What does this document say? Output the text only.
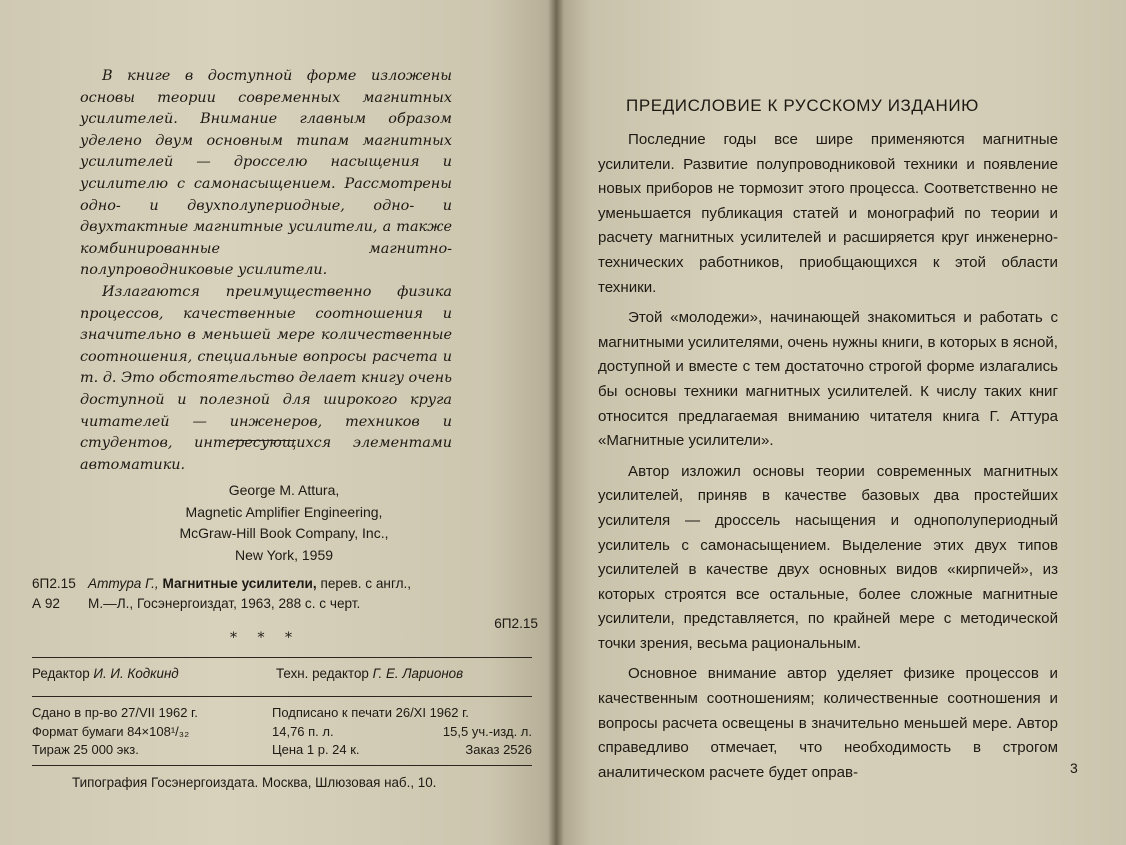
В книге в доступной форме изложены основы теории современных магнитных усилителей. Внимание главным образом уделено двум основным типам магнитных усилителей — дросселю насыщения и усилителю с самонасыщением. Рассмотрены одно- и двухполупериодные, одно- и двухтактные магнитные усилители, а также комбинированные магнитно-полупроводниковые усилители.

Излагаются преимущественно физика процессов, качественные соотношения и значительно в меньшей мере количественные соотношения, специальные вопросы расчета и т. д. Это обстоятельство делает книгу очень доступной и полезной для широкого круга читателей — инженеров, техников и студентов, интересующихся элементами автоматики.

George M. Attura,
Magnetic Amplifier Engineering,
McGraw-Hill Book Company, Inc.,
New York, 1959
6П2.15 Аттура Г., Магнитные усилители, перев. с англ.,
А 92 М.—Л., Госэнергоиздат, 1963, 288 с. с черт.
6П2.15
* * *
Редактор И. И. Кодкинд	Техн. редактор Г. Е. Ларионов
Сдано в пр-во 27/VII 1962 г.	Подписано к печати 26/XI 1962 г.
Формат бумаги 84×108¹/₃₂	14,76 п. л.	15,5 уч.-изд. л.
Тираж 25 000 экз.	Цена 1 р. 24 к.	Заказ 2526
Типография Госэнергоиздата. Москва, Шлюзовая наб., 10.
ПРЕДИСЛОВИЕ К РУССКОМУ ИЗДАНИЮ

Последние годы все шире применяются магнитные усилители. Развитие полупроводниковой техники и появление новых приборов не тормозит этого процесса. Соответственно не уменьшается публикация статей и монографий по теории и расчету магнитных усилителей и расширяется круг инженерно-технических работников, приобщающихся к этой области техники.

Этой «молодежи», начинающей знакомиться и работать с магнитными усилителями, очень нужны книги, в которых в ясной, доступной и вместе с тем достаточно строгой форме излагались бы основы техники магнитных усилителей. К числу таких книг относится предлагаемая вниманию читателя книга Г. Аттура «Магнитные усилители».

Автор изложил основы теории современных магнитных усилителей, приняв в качестве базовых два простейших усилителя — дроссель насыщения и однополупериодный усилитель с самонасыщением. Выделение этих двух типов усилителей в качестве двух основных видов «кирпичей», из которых строятся все остальные, более сложные магнитные усилители, представляется, по крайней мере с методической точки зрения, весьма рациональным.

Основное внимание автор уделяет физике процессов и качественным соотношениям; количественные соотношения и вопросы расчета освещены в значительно меньшей мере. Автор справедливо отмечает, что необходимость в строгом аналитическом расчете будет оправ-	3
